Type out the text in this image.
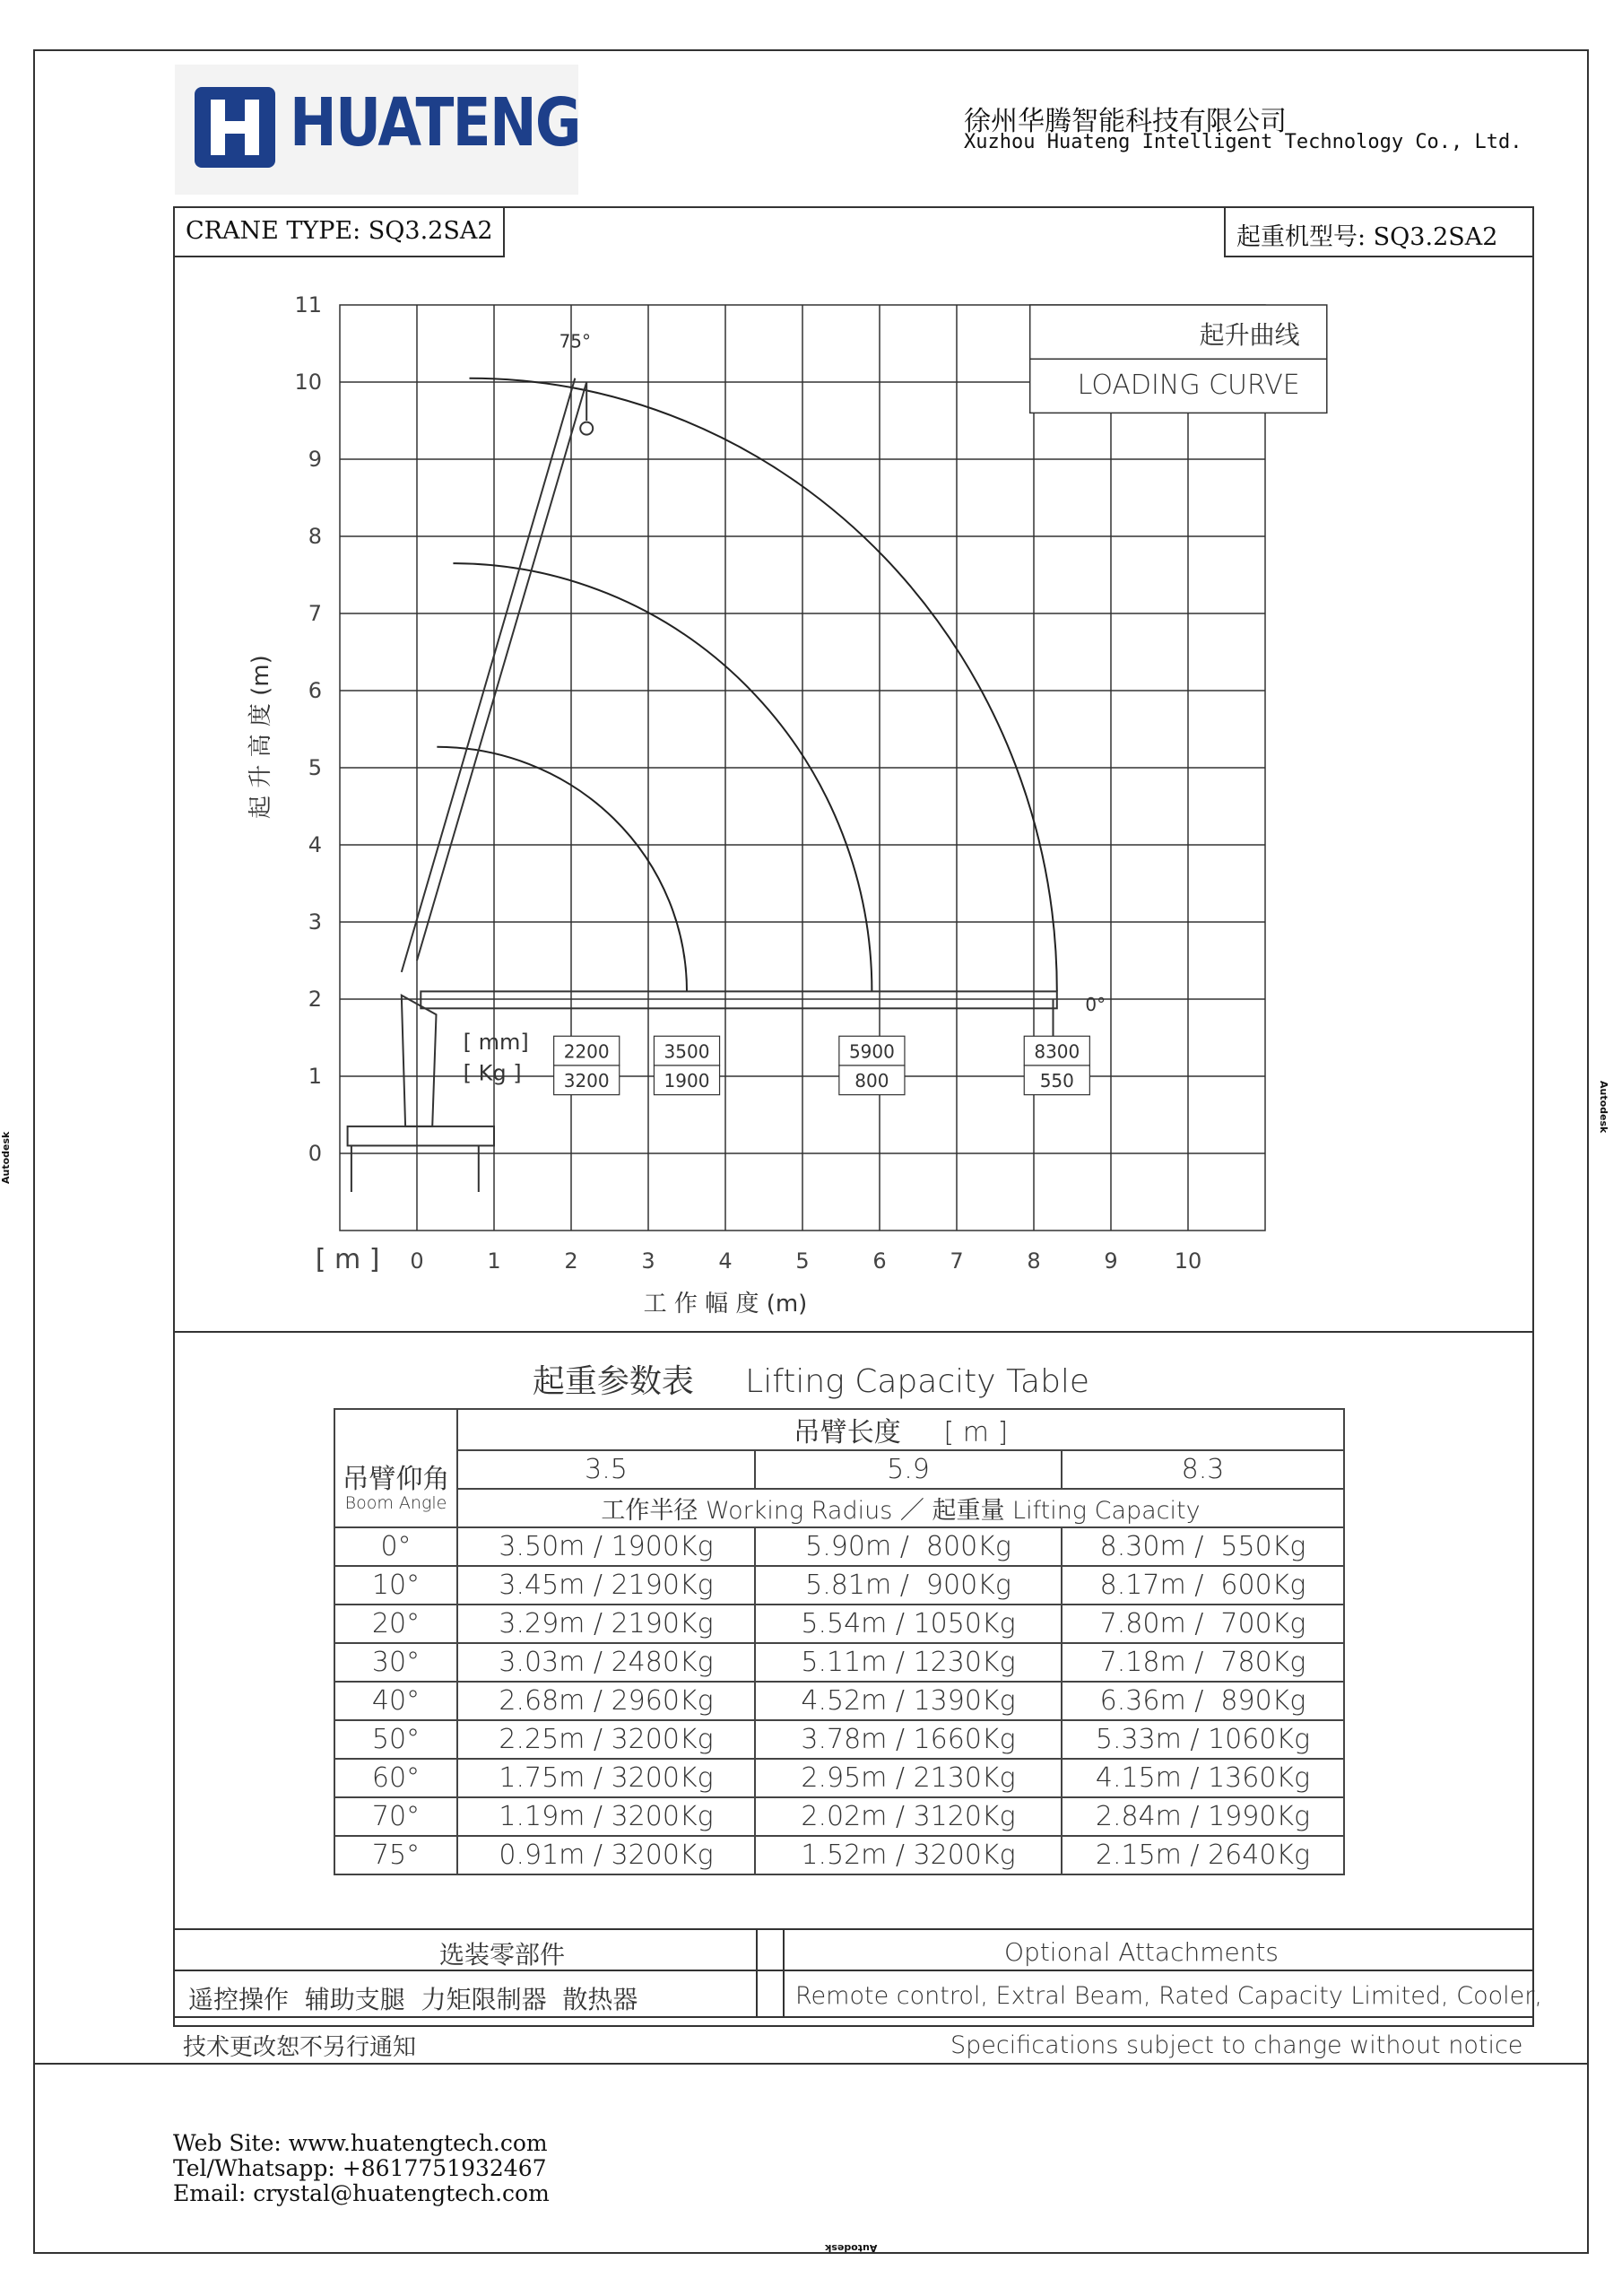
HUATENG	徐州华腾智能科技有限公司
Xuzhou Huateng Intelligent Technology Co., Ltd.
CRANE TYPE: SQ3.2SA2	起重机型号: SQ3.2SA2
0
1
2
3
4
5
6
7
8
9
10
11
0	1	2	3	4	5	6	7	8	9	10
[ m ]
工 作 幅 度 (m)
起 升 高 度 (m)
起升曲线
LOADING CURVE
75°
0°
[ mm]
[ Kg ]
2200
3200
3500
1900
5900
800
8300
550
起重参数表 Lifting Capacity Table
	吊臂长度 [ m ]		

吊臂仰角
Boom Angle	3.5	5.9	8.3
	工作半径 Working Radius ／ 起重量 Lifting Capacity		
0°	3.50m / 1900Kg	5.90m /  800Kg	8.30m /  550Kg
10°	3.45m / 2190Kg	5.81m /  900Kg	8.17m /  600Kg
20°	3.29m / 2190Kg	5.54m / 1050Kg	7.80m /  700Kg
30°	3.03m / 2480Kg	5.11m / 1230Kg	7.18m /  780Kg
40°	2.68m / 2960Kg	4.52m / 1390Kg	6.36m /  890Kg
50°	2.25m / 3200Kg	3.78m / 1660Kg	5.33m / 1060Kg
60°	1.75m / 3200Kg	2.95m / 2130Kg	4.15m / 1360Kg
70°	1.19m / 3200Kg	2.02m / 3120Kg	2.84m / 1990Kg
75°	0.91m / 3200Kg	1.52m / 3200Kg	2.15m / 2640Kg
选装零部件	Optional Attachments
遥控操作  辅助支腿  力矩限制器  散热器	Remote control, Extral Beam, Rated Capacity Limited, Cooler,
技术更改恕不另行通知	Specifications subject to change without notice
Web Site: www.huatengtech.com
Tel/Whatsapp: +8617751932467
Email: crystal@huatengtech.com
Autodesk
Autodesk
Autodesk
